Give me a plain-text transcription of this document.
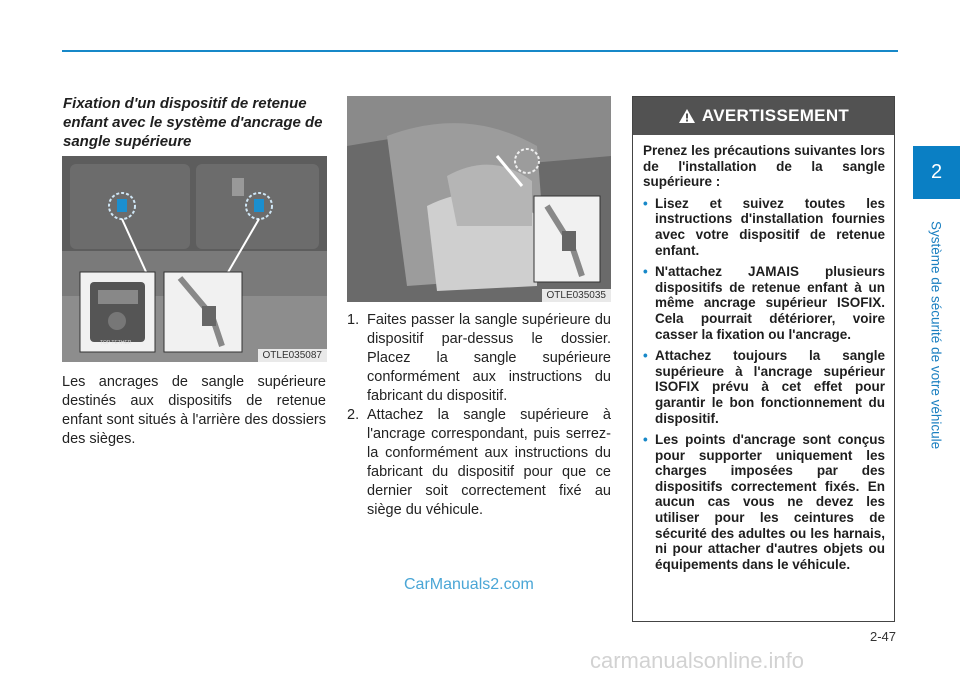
2
Système de sécurité de votre véhicule
Fixation d'un dispositif de retenue enfant avec le système d'ancrage de sangle supérieure
OTLE035087
TOP TETHER
Les ancrages de sangle supérieure destinés aux dispositifs de retenue enfant sont situés à l'arrière des dossiers des sièges.
OTLE035035
1. Faites passer la sangle supérieure du dispositif par-dessus le dossier. Placez la sangle supérieure conformément aux instructions du fabricant du dispositif.
2. Attachez la sangle supérieure à l'ancrage correspondant, puis serrez-la conformément aux instructions du fabricant du dispositif pour que ce dernier soit correctement fixé au siège du véhicule.
AVERTISSEMENT
Prenez les précautions suivantes lors de l'installation de la sangle supérieure :
• Lisez et suivez toutes les instructions d'installation fournies avec votre dispositif de retenue enfant.
• N'attachez JAMAIS plusieurs dispositifs de retenue enfant à un même ancrage supérieur ISOFIX. Cela pourrait détériorer, voire casser la fixation ou l'ancrage.
• Attachez toujours la sangle supérieure à l'ancrage supérieur ISOFIX prévu à cet effet pour garantir le bon fonctionnement du dispositif.
• Les points d'ancrage sont conçus pour supporter uniquement les charges imposées par des dispositifs correctement fixés. En aucun cas vous ne devez les utiliser pour les ceintures de sécurité des adultes ou les harnais, ni pour attacher d'autres objets ou équipements dans le véhicule.
CarManuals2.com
2-47
carmanualsonline.info
